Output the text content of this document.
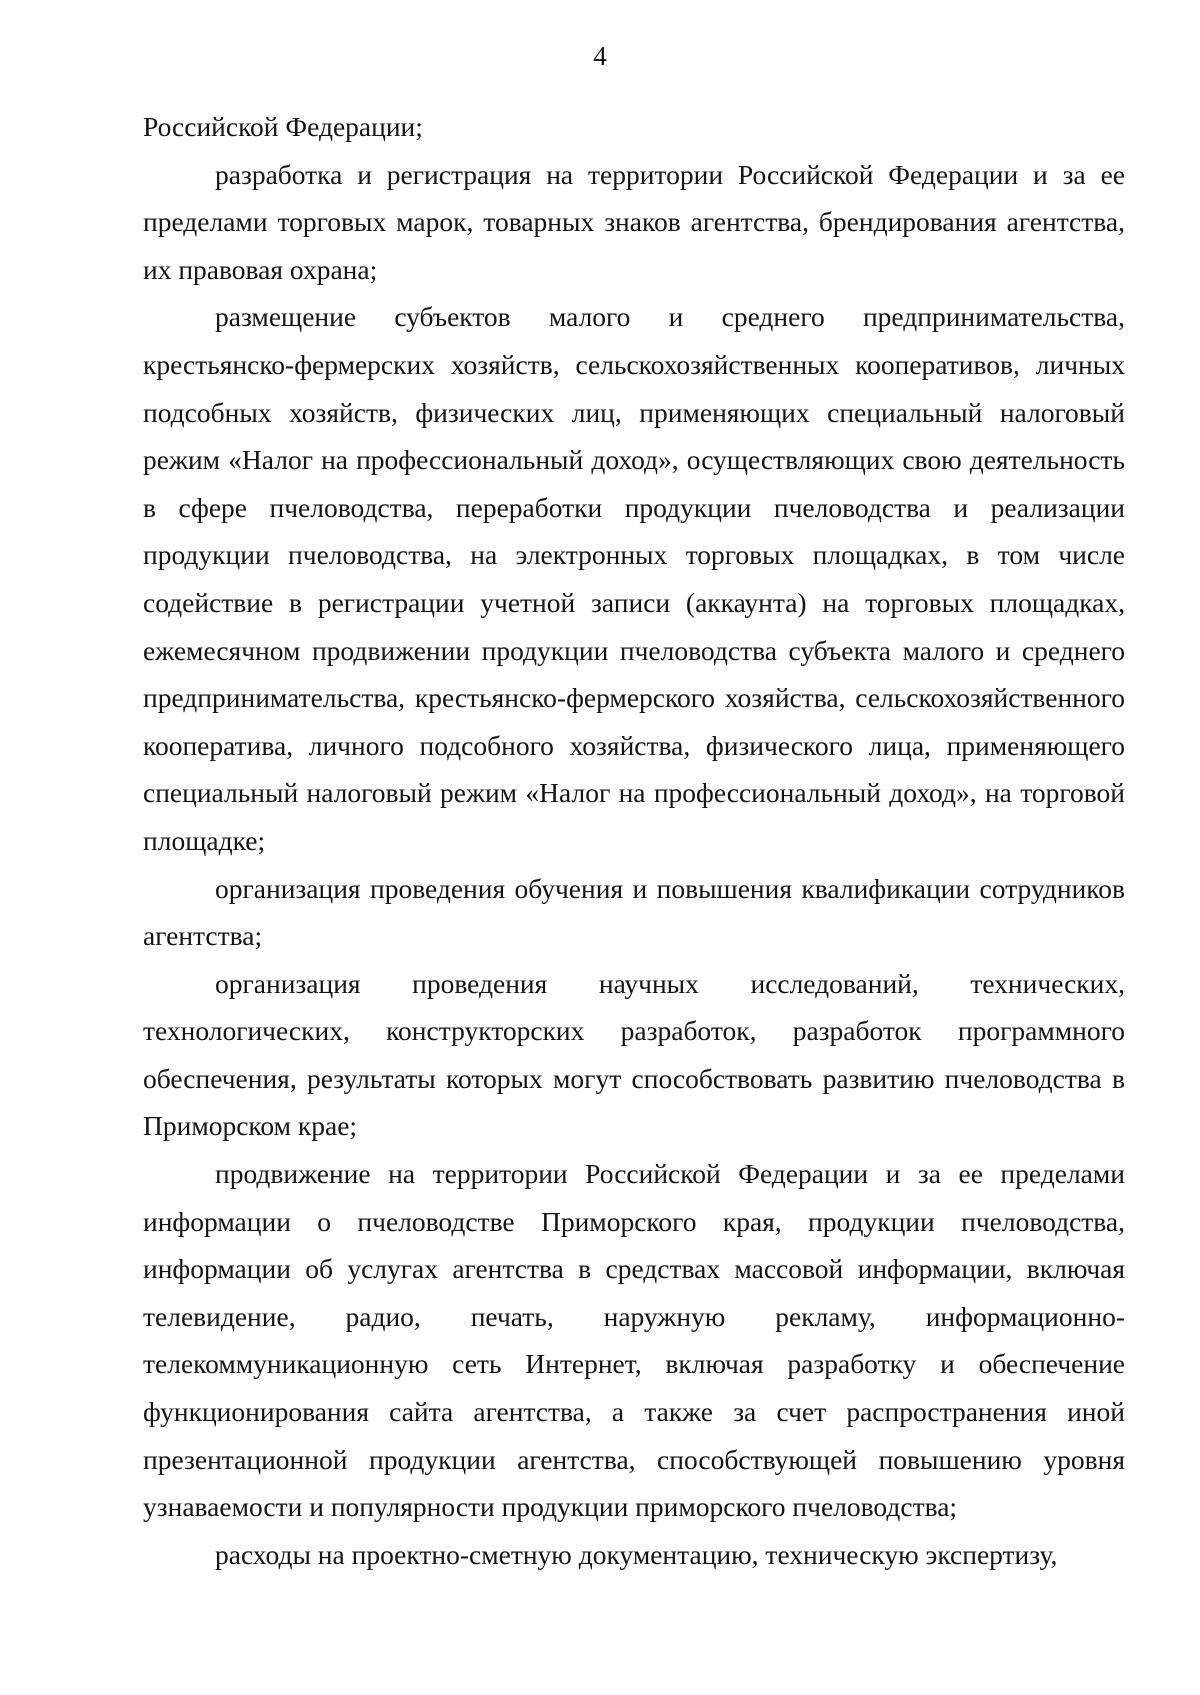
4

Российской Федерации;

разработка и регистрация на территории Российской Федерации и за ее пределами торговых марок, товарных знаков агентства, брендирования агентства, их правовая охрана;

размещение субъектов малого и среднего предпринимательства, крестьянско-фермерских хозяйств, сельскохозяйственных кооперативов, личных подсобных хозяйств, физических лиц, применяющих специальный налоговый режим «Налог на профессиональный доход», осуществляющих свою деятельность в сфере пчеловодства, переработки продукции пчеловодства и реализации продукции пчеловодства, на электронных торговых площадках, в том числе содействие в регистрации учетной записи (аккаунта) на торговых площадках, ежемесячном продвижении продукции пчеловодства субъекта малого и среднего предпринимательства, крестьянско-фермерского хозяйства, сельскохозяйственного кооператива, личного подсобного хозяйства, физического лица, применяющего специальный налоговый режим «Налог на профессиональный доход», на торговой площадке;

организация проведения обучения и повышения квалификации сотрудников агентства;

организация проведения научных исследований, технических, технологических, конструкторских разработок, разработок программного обеспечения, результаты которых могут способствовать развитию пчеловодства в Приморском крае;

продвижение на территории Российской Федерации и за ее пределами информации о пчеловодстве Приморского края, продукции пчеловодства, информации об услугах агентства в средствах массовой информации, включая телевидение, радио, печать, наружную рекламу, информационно-телекоммуникационную сеть Интернет, включая разработку и обеспечение функционирования сайта агентства, а также за счет распространения иной презентационной продукции агентства, способствующей повышению уровня узнаваемости и популярности продукции приморского пчеловодства;

расходы на проектно-сметную документацию, техническую экспертизу,
